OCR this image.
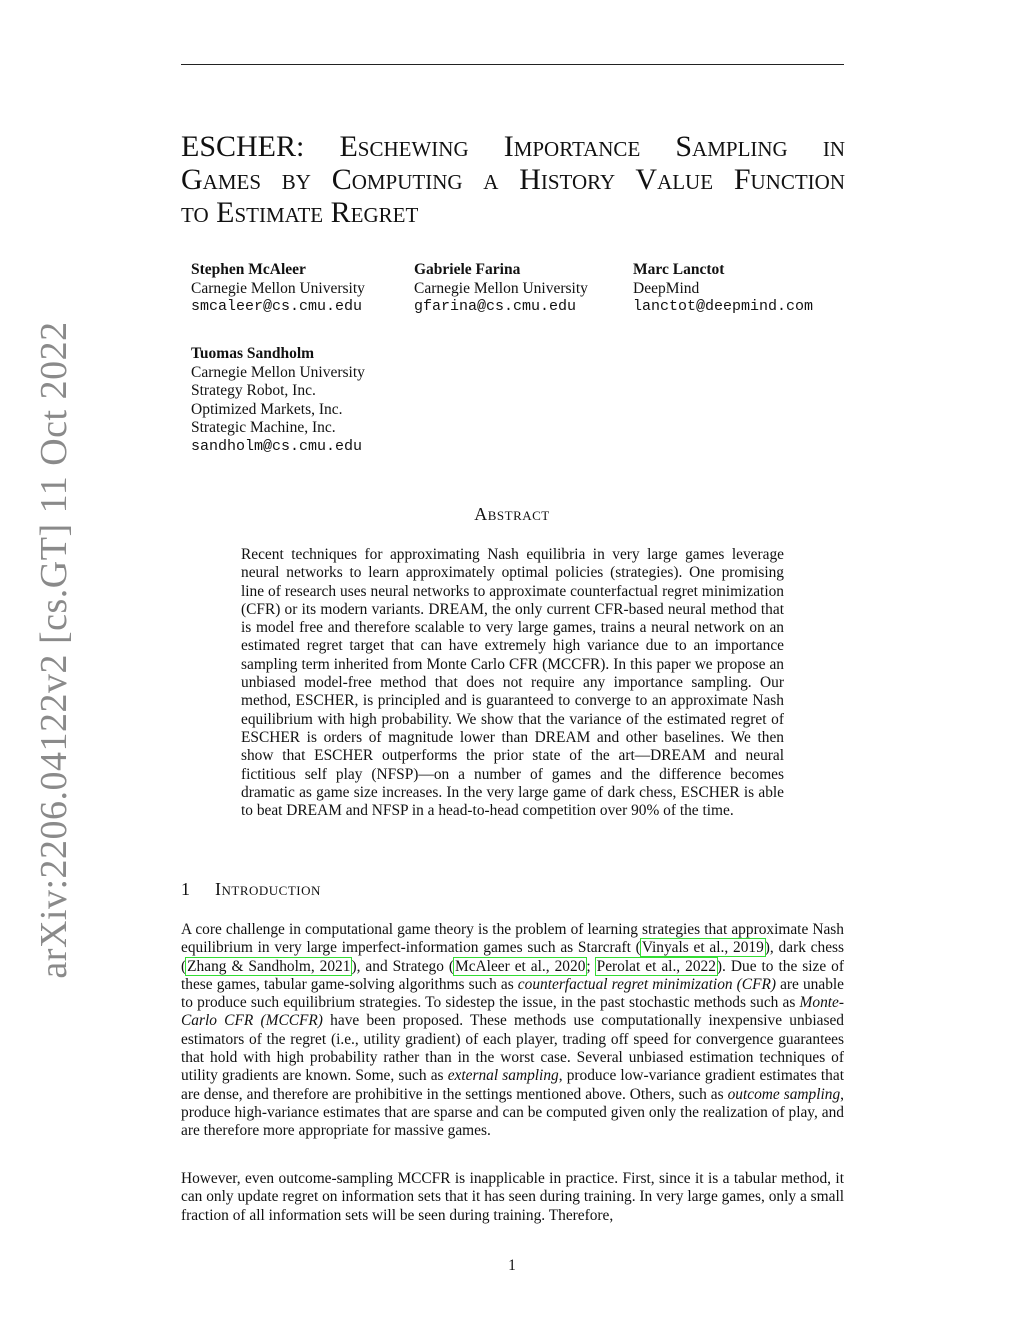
arXiv:2206.04122v2 [cs.GT] 11 Oct 2022
ESCHER: Eschewing Importance Sampling in
Games by Computing a History Value Function
to Estimate Regret
Stephen McAleer
Carnegie Mellon University
smcaleer@cs.cmu.edu
Gabriele Farina
Carnegie Mellon University
gfarina@cs.cmu.edu
Marc Lanctot
DeepMind
lanctot@deepmind.com
Tuomas Sandholm
Carnegie Mellon University
Strategy Robot, Inc.
Optimized Markets, Inc.
Strategic Machine, Inc.
sandholm@cs.cmu.edu
Abstract

Recent techniques for approximating Nash equilibria in very large games leverage neural networks to learn approximately optimal policies (strategies). One promising line of research uses neural networks to approximate counterfactual regret minimization (CFR) or its modern variants. DREAM, the only current CFR-based neural method that is model free and therefore scalable to very large games, trains a neural network on an estimated regret target that can have extremely high variance due to an importance sampling term inherited from Monte Carlo CFR (MCCFR). In this paper we propose an unbiased model-free method that does not require any importance sampling. Our method, ESCHER, is principled and is guaranteed to converge to an approximate Nash equilibrium with high probability. We show that the variance of the estimated regret of ESCHER is orders of magnitude lower than DREAM and other baselines. We then show that ESCHER outperforms the prior state of the art—DREAM and neural fictitious self play (NFSP)—on a number of games and the difference becomes dramatic as game size increases. In the very large game of dark chess, ESCHER is able to beat DREAM and NFSP in a head-to-head competition over 90% of the time.

1 Introduction

A core challenge in computational game theory is the problem of learning strategies that approximate Nash equilibrium in very large imperfect-information games such as Starcraft (Vinyals et al., 2019), dark chess (Zhang & Sandholm, 2021), and Stratego (McAleer et al., 2020; Perolat et al., 2022). Due to the size of these games, tabular game-solving algorithms such as counterfactual regret minimization (CFR) are unable to produce such equilibrium strategies. To sidestep the issue, in the past stochastic methods such as Monte-Carlo CFR (MCCFR) have been proposed. These methods use computationally inexpensive unbiased estimators of the regret (i.e., utility gradient) of each player, trading off speed for convergence guarantees that hold with high probability rather than in the worst case. Several unbiased estimation techniques of utility gradients are known. Some, such as external sampling, produce low-variance gradient estimates that are dense, and therefore are prohibitive in the settings mentioned above. Others, such as outcome sampling, produce high-variance estimates that are sparse and can be computed given only the realization of play, and are therefore more appropriate for massive games.

However, even outcome-sampling MCCFR is inapplicable in practice. First, since it is a tabular method, it can only update regret on information sets that it has seen during training. In very large games, only a small fraction of all information sets will be seen during training. Therefore,

1
